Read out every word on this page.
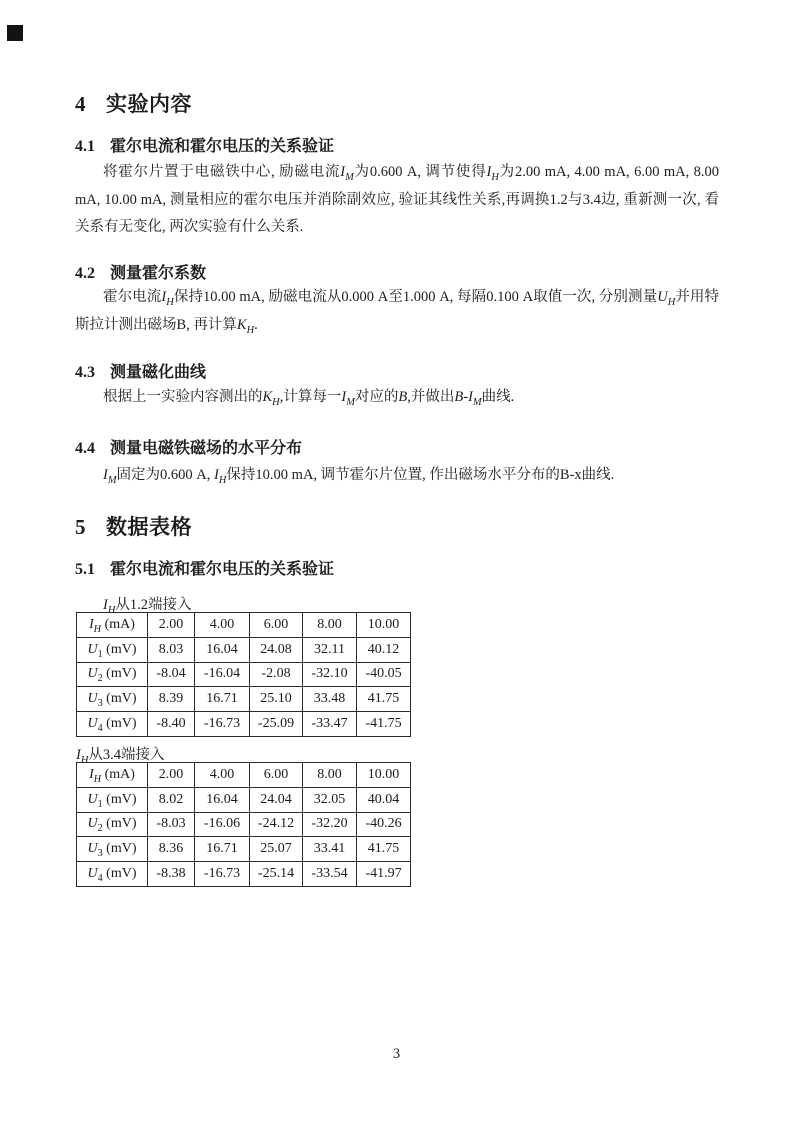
4 实验内容
4.1 霍尔电流和霍尔电压的关系验证

将霍尔片置于电磁铁中心, 励磁电流$I_M$为0.600 A, 调节使得$I_H$为2.00 mA, 4.00 mA, 6.00 mA, 8.00 mA, 10.00 mA, 测量相应的霍尔电压并消除副效应, 验证其线性关系,再调换1.2与3.4边, 重新测一次, 看关系有无变化, 两次实验有什么关系.

4.2 测量霍尔系数

霍尔电流$I_H$保持10.00 mA, 励磁电流从0.000 A至1.000 A, 每隔0.100 A取值一次, 分别测量$U_H$并用特斯拉计测出磁场B, 再计算$K_H$.

4.3 测量磁化曲线

根据上一实验内容测出的$K_H$,计算每一$I_M$对应的B,并做出$B-I_M$曲线.

4.4 测量电磁铁磁场的水平分布

$I_M$固定为0.600 A, $I_H$保持10.00 mA, 调节霍尔片位置, 作出磁场水平分布的B-x曲线.

5 数据表格
5.1 霍尔电流和霍尔电压的关系验证
$I_H$从1.2端接入
$I_H$ (mA)	2.00	4.00	6.00	8.00	10.00
$U_1$ (mV)	8.03	16.04	24.08	32.11	40.12
$U_2$ (mV)	-8.04	-16.04	-2.08	-32.10	-40.05
$U_3$ (mV)	8.39	16.71	25.10	33.48	41.75
$U_4$ (mV)	-8.40	-16.73	-25.09	-33.47	-41.75
$I_H$从3.4端接入
$I_H$ (mA)	2.00	4.00	6.00	8.00	10.00
$U_1$ (mV)	8.02	16.04	24.04	32.05	40.04
$U_2$ (mV)	-8.03	-16.06	-24.12	-32.20	-40.26
$U_3$ (mV)	8.36	16.71	25.07	33.41	41.75
$U_4$ (mV)	-8.38	-16.73	-25.14	-33.54	-41.97
3
